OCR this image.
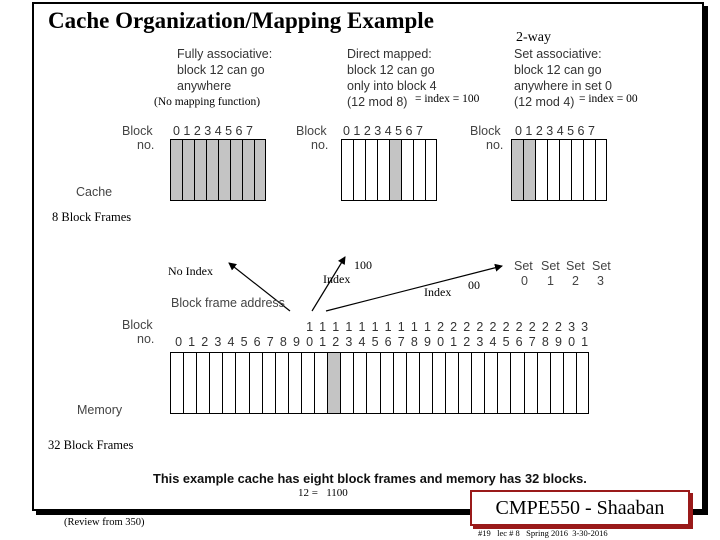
Cache Organization/Mapping Example
2-way
Fully associative:
block 12 can go
anywhere
(No mapping function)
Direct mapped:
block 12 can go
only into block 4
(12 mod 8) = index = 100
Set associative:
block 12 can go
anywhere in set 0
(12 mod 4) = index = 00
Block
no.
0 1 2 3 4 5 6 7	Block
no.
0 1 2 3 4 5 6 7	Block
no.
0 1 2 3 4 5 6 7
Cache
8 Block Frames
Set Set Set Set
0 1 2 3
No Index
Index
100
Index 00
Block frame address
Block
no.
1 1 1 1 1 1 1 1 1 1 2 2 2 2 2 2 2 2 2 2 3 3
0 1 2 3 4 5 6 7 8 9 0 1 2 3 4 5 6 7 8 9 0 1 2 3 4 5 6 7 8 9 0 1
Memory
32 Block Frames
This example cache has eight block frames and memory has 32 blocks.
12 =   1100
(Review from 350)
CMPE550 - Shaaban
#19   lec # 8   Spring 2016  3-30-2016
